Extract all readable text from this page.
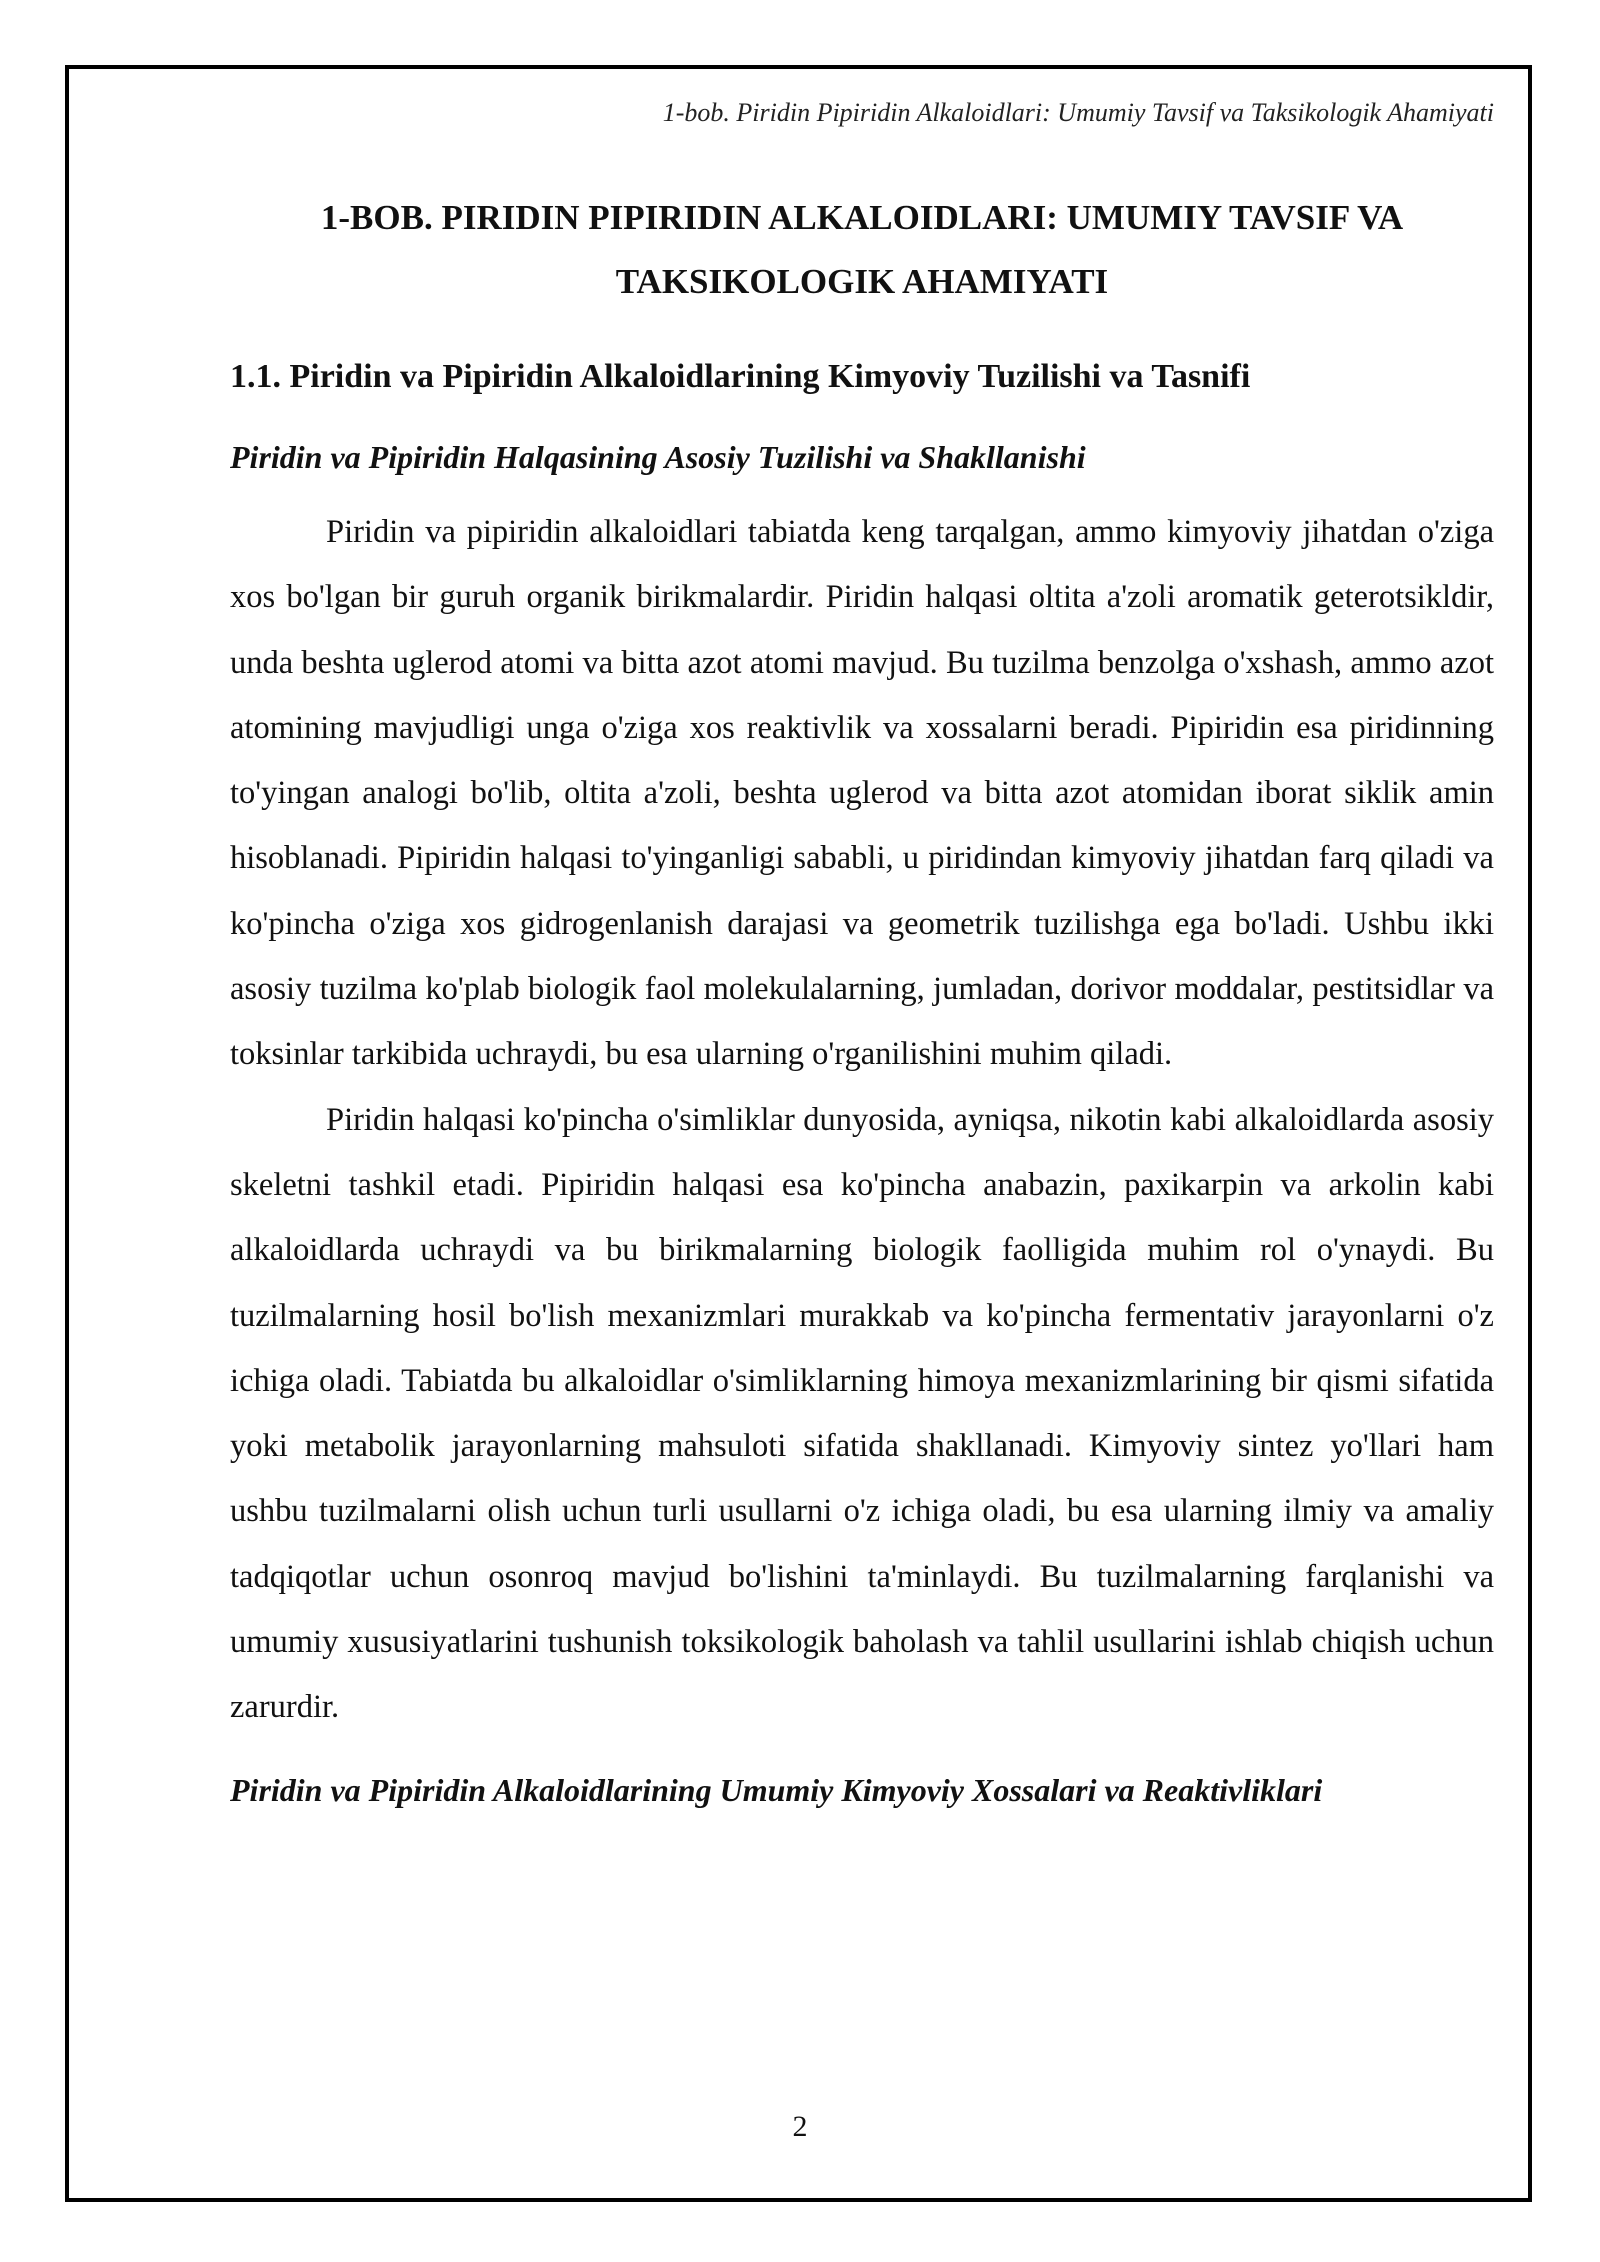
1-bob. Piridin Pipiridin Alkaloidlari: Umumiy Tavsif va Taksikologik Ahamiyati
1-BOB. PIRIDIN PIPIRIDIN ALKALOIDLARI: UMUMIY TAVSIF VA
TAKSIKOLOGIK AHAMIYATI
1.1. Piridin va Pipiridin Alkaloidlarining Kimyoviy Tuzilishi va Tasnifi
Piridin va Pipiridin Halqasining Asosiy Tuzilishi va Shakllanishi

Piridin va pipiridin alkaloidlari tabiatda keng tarqalgan, ammo kimyoviy jihatdan o'ziga xos bo'lgan bir guruh organik birikmalardir. Piridin halqasi oltita a'zoli aromatik geterotsikldir, unda beshta uglerod atomi va bitta azot atomi mavjud. Bu tuzilma benzolga o'xshash, ammo azot atomining mavjudligi unga o'ziga xos reaktivlik va xossalarni beradi. Pipiridin esa piridinning to'yingan analogi bo'lib, oltita a'zoli, beshta uglerod va bitta azot atomidan iborat siklik amin hisoblanadi. Pipiridin halqasi to'yinganligi sababli, u piridindan kimyoviy jihatdan farq qiladi va ko'pincha o'ziga xos gidrogenlanish darajasi va geometrik tuzilishga ega bo'ladi. Ushbu ikki asosiy tuzilma ko'plab biologik faol molekulalarning, jumladan, dorivor moddalar, pestitsidlar va toksinlar tarkibida uchraydi, bu esa ularning o'rganilishini muhim qiladi.

Piridin halqasi ko'pincha o'simliklar dunyosida, ayniqsa, nikotin kabi alkaloidlarda asosiy skeletni tashkil etadi. Pipiridin halqasi esa ko'pincha anabazin, paxikarpin va arkolin kabi alkaloidlarda uchraydi va bu birikmalarning biologik faolligida muhim rol o'ynaydi. Bu tuzilmalarning hosil bo'lish mexanizmlari murakkab va ko'pincha fermentativ jarayonlarni o'z ichiga oladi. Tabiatda bu alkaloidlar o'simliklarning himoya mexanizmlarining bir qismi sifatida yoki metabolik jarayonlarning mahsuloti sifatida shakllanadi. Kimyoviy sintez yo'llari ham ushbu tuzilmalarni olish uchun turli usullarni o'z ichiga oladi, bu esa ularning ilmiy va amaliy tadqiqotlar uchun osonroq mavjud bo'lishini ta'minlaydi. Bu tuzilmalarning farqlanishi va umumiy xususiyatlarini tushunish toksikologik baholash va tahlil usullarini ishlab chiqish uchun zarurdir.

Piridin va Pipiridin Alkaloidlarining Umumiy Kimyoviy Xossalari va Reaktivliklari
2
